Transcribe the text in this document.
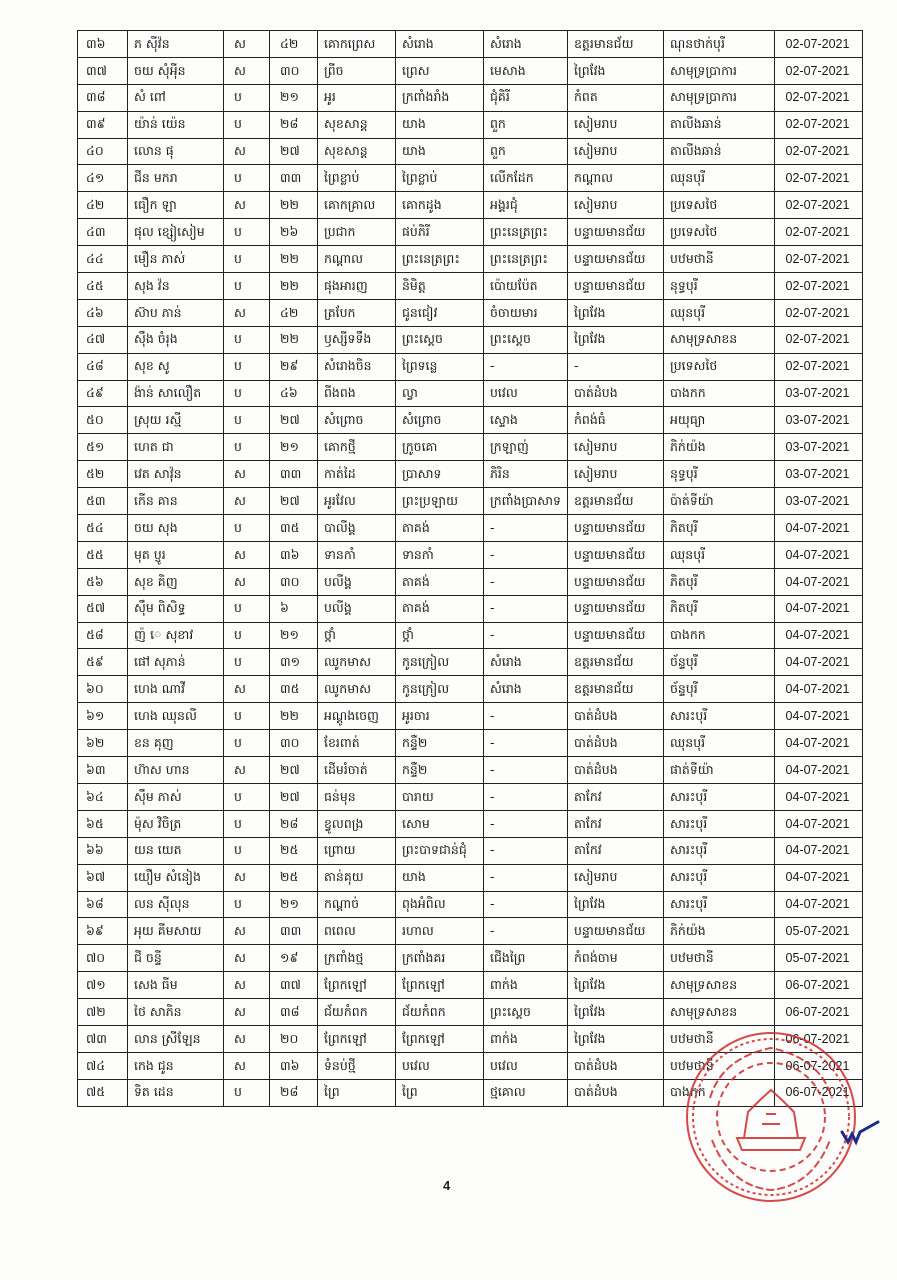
៣៦	ភ សុីវ៉ន	ស	៤២	គោកព្រេស	សំរោង	សំរោង	ឧត្តរមានជ័យ	ណុនថាក់បុរី	02-07-2021
៣៧	ចយ សុំអុីន	ស	៣០	ព្រីច	ព្រេស	មេសាង	ព្រៃវែង	សាមុទ្រប្រាការ	02-07-2021
៣៨	សំ ពៅ	ប	២១	អូរ	ក្រពាំងរាំង	ជុំគិរី	កំពត	សាមុទ្រប្រាការ	02-07-2021
៣៩	យ៉ាន់ យ៉េន	ប	២៨	សុខសាន្ត	យាង	ពួក	សៀមរាប	តាលីងឆាន់	02-07-2021
៤០	លោន ផុ	ស	២៧	សុខសាន្ត	យាង	ពួក	សៀមរាប	តាលីងឆាន់	02-07-2021
៤១	ជីន មករា	ប	៣៣	ព្រៃខ្លាប់	ព្រៃខ្លាប់	លើកដែក	កណ្ដាល	ឈុនបុរី	02-07-2021
៤២	ធឿក ឡា	ស	២២	គោកគ្រាល	គោកដូង	អង្គរជុំ	សៀមរាប	ប្រទេសថៃ	02-07-2021
៤៣	ផុល ខ្សៀសៀម	ប	២៦	ប្រជាក	ផប់ភិរី	ព្រះនេត្រព្រះ	បន្ទាយមានជ័យ	ប្រទេសថៃ	02-07-2021
៤៤	មឿន ភាស់	ប	២២	កណ្ដាល	ព្រះនេត្រព្រះ	ព្រះនេត្រព្រះ	បន្ទាយមានជ័យ	បឋមថានី	02-07-2021
៤៥	សុង វ៉ន	ប	២២	ផុងអារញ	និមិត្ត	ប៉ោយប៉ែត	បន្ទាយមានជ័យ	នុទ្ធបុរី	02-07-2021
៤៦	ស៊ាប ភាន់	ស	៤២	ត្របែក	ជូនជៀវ	ចំចាយមារ	ព្រៃវែង	ឈុនបុរី	02-07-2021
៤៧	ស៊ឹង ចំរុង	ប	២២	ឫស្សីទទឹង	ព្រះស្ដេច	ព្រះស្ដេច	ព្រៃវែង	សាមុទ្រសាខន	02-07-2021
៤៨	សុខ សូ	ប	២៩	សំរោងចិន	ព្រៃទន្លេ	-	-	ប្រទេសថៃ	02-07-2021
៤៩	ង៉ាន់ សាលឿត	ប	៤៦	ពីងពង	ល្វា	បវេល	បាត់ដំបង	បាងកក	03-07-2021
៥០	ស្រុយ រស្មី	ប	២៧	សំព្រោច	សំព្រោច	ស្ទោង	កំពង់ធំ	អយុធ្យា	03-07-2021
៥១	ហេត ជា	ប	២១	គោកថ្មី	ក្រូចគោ	ក្រឡាញ់	សៀមរាប	ភិក់យ៉ង	03-07-2021
៥២	វេត សាវ៉ុន	ស	៣៣	កាត់ដៃ	ប្រាសាទ	ភិរិន	សៀមរាប	នុទ្ធបុរី	03-07-2021
៥៣	កើន គាន	ស	២៧	អូរវែល	ព្រះប្រឡាយ	ក្រពាំងប្រាសាទ	ឧត្តរមានជ័យ	ប៉ាត់ទីយ៉ា	03-07-2021
៥៤	ចយ សុង	ប	៣៥	បាលីង្គ	តាគង់	-	បន្ទាយមានជ័យ	ភិតបុរី	04-07-2021
៥៥	មុត ប្ញូរ	ស	៣៦	ទានកាំ	ទានកាំ	-	បន្ទាយមានជ័យ	ឈុនបុរី	04-07-2021
៥៦	សុខ គិញ	ស	៣០	បលីង្គ	តាគង់	-	បន្ទាយមានជ័យ	ភិតបុរី	04-07-2021
៥៧	ស៊ឹម ពិសិទ្ធ	ប	៦	បលីង្គ	តាគង់	-	បន្ទាយមានជ័យ	ភិតបុរី	04-07-2021
៥៨	ញ៉ េ សុខាវ	ប	២១	ថ្កាំ	ថ្កាំ	-	បន្ទាយមានជ័យ	បាងកក	04-07-2021
៥៩	ផៅ សុភាន់	ប	៣១	ឈូកមាស	កូនក្រៀល	សំរោង	ឧត្តរមានជ័យ	ច័ន្ទបុរី	04-07-2021
៦០	ហេង ណាវី	ស	៣៥	ឈូកមាស	កូនក្រៀល	សំរោង	ឧត្តរមានជ័យ	ច័ន្ទបុរី	04-07-2021
៦១	ហេង ឈុនលី	ប	២២	អណ្ដូងចេញ	អូរចារ	-	បាត់ដំបង	សារះបុរី	04-07-2021
៦២	ខន គុញ	ប	៣០	ខែរពាត់	កន្ទឺ២	-	បាត់ដំបង	ឈុនបុរី	04-07-2021
៦៣	ហ៊ាស ហាន	ស	២៧	ដើមរំចាត់	កន្ទឺ២	-	បាត់ដំបង	ផាត់ទីយ៉ា	04-07-2021
៦៤	ស៊ឹម ភាស់	ប	២៧	ធន់មុន	បារាយ	-	តាកែវ	សារះបុរី	04-07-2021
៦៥	ម៉ុស វិចិត្រ	ប	២៨	ខ្វូលពង្រ	សោម	-	តាកែវ	សារះបុរី	04-07-2021
៦៦	យន យេត	ប	២៥	ព្រោយ	ព្រះបាទជាន់ជុំ	-	តាកែវ	សារះបុរី	04-07-2021
៦៧	យឿម សំនៀង	ស	២៥	តាន់គុយ	យាង	-	សៀមរាប	សារះបុរី	04-07-2021
៦៨	លន ស៊ីលុន	ប	២១	កណ្ដាច់	ពុងអំពិល	-	ព្រៃវែង	សារះបុរី	04-07-2021
៦៩	អុយ គីមសាយ	ស	៣៣	ពពេល	រហាល	-	បន្ទាយមានជ័យ	ភិក់យ៉ង	05-07-2021
៧០	ជី ចន្ទី	ស	១៩	ក្រពាំងថ្ម	ក្រពាំងគរ	ជើងព្រៃ	កំពង់ចាម	បឋមថានី	05-07-2021
៧១	សេង ធីម	ស	៣៧	ព្រែកឡៅ	ព្រែកឡៅ	ពាក់ង	ព្រៃវែង	សាមុទ្រសាខន	06-07-2021
៧២	ថៃ សាភិន	ស	៣៨	ជ័យកំពក	ជ័យកំពក	ព្រះស្ដេច	ព្រៃវែង	សាមុទ្រសាខន	06-07-2021
៧៣	លាន ស្រីឡែន	ស	២០	ព្រែកឡៅ	ព្រែកឡៅ	ពាក់ង	ព្រៃវែង	បឋមថានី	06-07-2021
៧៤	កេង ជូន	ស	៣៦	ទំនប់ថ្មី	បវេល	បវេល	បាត់ដំបង	បឋមថានី	06-07-2021
៧៥	ទិត ដេន	ប	២៨	ព្រៃ	ព្រៃ	ថ្មគោល	បាត់ដំបង	បាងកក	06-07-2021
4
